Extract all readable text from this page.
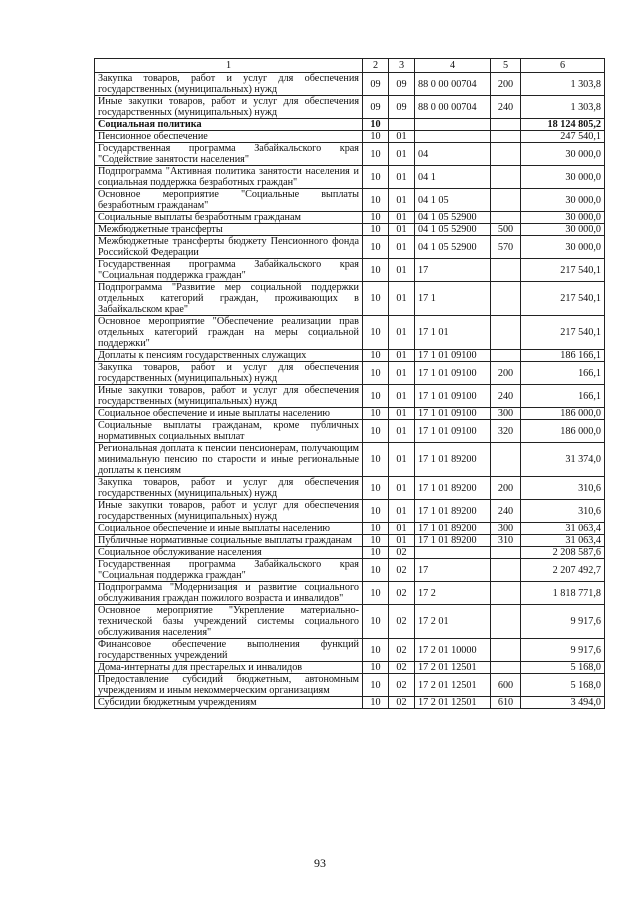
1	2	3	4	5	6
Закупка товаров, работ и услуг для обеспечения государственных (муниципальных) нужд	09	09	88 0 00 00704	200	1 303,8
Иные закупки товаров, работ и услуг для обеспечения государственных (муниципальных) нужд	09	09	88 0 00 00704	240	1 303,8
Социальная политика	10				18 124 805,2
Пенсионное обеспечение	10	01			247 540,1
Государственная программа Забайкальского края "Содействие занятости населения"	10	01	04		30 000,0
Подпрограмма "Активная политика занятости населения и социальная поддержка безработных граждан"	10	01	04 1		30 000,0
Основное мероприятие "Социальные выплаты безработным гражданам"	10	01	04 1 05		30 000,0
Социальные выплаты безработным гражданам	10	01	04 1 05 52900		30 000,0
Межбюджетные трансферты	10	01	04 1 05 52900	500	30 000,0
Межбюджетные трансферты бюджету Пенсионного фонда Российской Федерации	10	01	04 1 05 52900	570	30 000,0
Государственная программа Забайкальского края "Социальная поддержка граждан"	10	01	17		217 540,1
Подпрограмма "Развитие мер социальной поддержки отдельных категорий граждан, проживающих в Забайкальском крае"	10	01	17 1		217 540,1
Основное мероприятие "Обеспечение реализации прав отдельных категорий граждан на меры социальной поддержки"	10	01	17 1 01		217 540,1
Доплаты к пенсиям государственных служащих	10	01	17 1 01 09100		186 166,1
Закупка товаров, работ и услуг для обеспечения государственных (муниципальных) нужд	10	01	17 1 01 09100	200	166,1
Иные закупки товаров, работ и услуг для обеспечения государственных (муниципальных) нужд	10	01	17 1 01 09100	240	166,1
Социальное обеспечение и иные выплаты населению	10	01	17 1 01 09100	300	186 000,0
Социальные выплаты гражданам, кроме публичных нормативных социальных выплат	10	01	17 1 01 09100	320	186 000,0
Региональная доплата к пенсии пенсионерам, получающим минимальную пенсию по старости и иные региональные доплаты к пенсиям	10	01	17 1 01 89200		31 374,0
Закупка товаров, работ и услуг для обеспечения государственных (муниципальных) нужд	10	01	17 1 01 89200	200	310,6
Иные закупки товаров, работ и услуг для обеспечения государственных (муниципальных) нужд	10	01	17 1 01 89200	240	310,6
Социальное обеспечение и иные выплаты населению	10	01	17 1 01 89200	300	31 063,4
Публичные нормативные социальные выплаты гражданам	10	01	17 1 01 89200	310	31 063,4
Социальное обслуживание населения	10	02			2 208 587,6
Государственная программа Забайкальского края "Социальная поддержка граждан"	10	02	17		2 207 492,7
Подпрограмма "Модернизация и развитие социального обслуживания граждан пожилого возраста и инвалидов"	10	02	17 2		1 818 771,8
Основное мероприятие "Укрепление материально-технической базы учреждений системы социального обслуживания населения"	10	02	17 2 01		9 917,6
Финансовое обеспечение выполнения функций государственных учреждений	10	02	17 2 01 10000		9 917,6
Дома-интернаты для престарелых и инвалидов	10	02	17 2 01 12501		5 168,0
Предоставление субсидий бюджетным, автономным учреждениям и иным некоммерческим организациям	10	02	17 2 01 12501	600	5 168,0
Субсидии бюджетным учреждениям	10	02	17 2 01 12501	610	3 494,0
93
